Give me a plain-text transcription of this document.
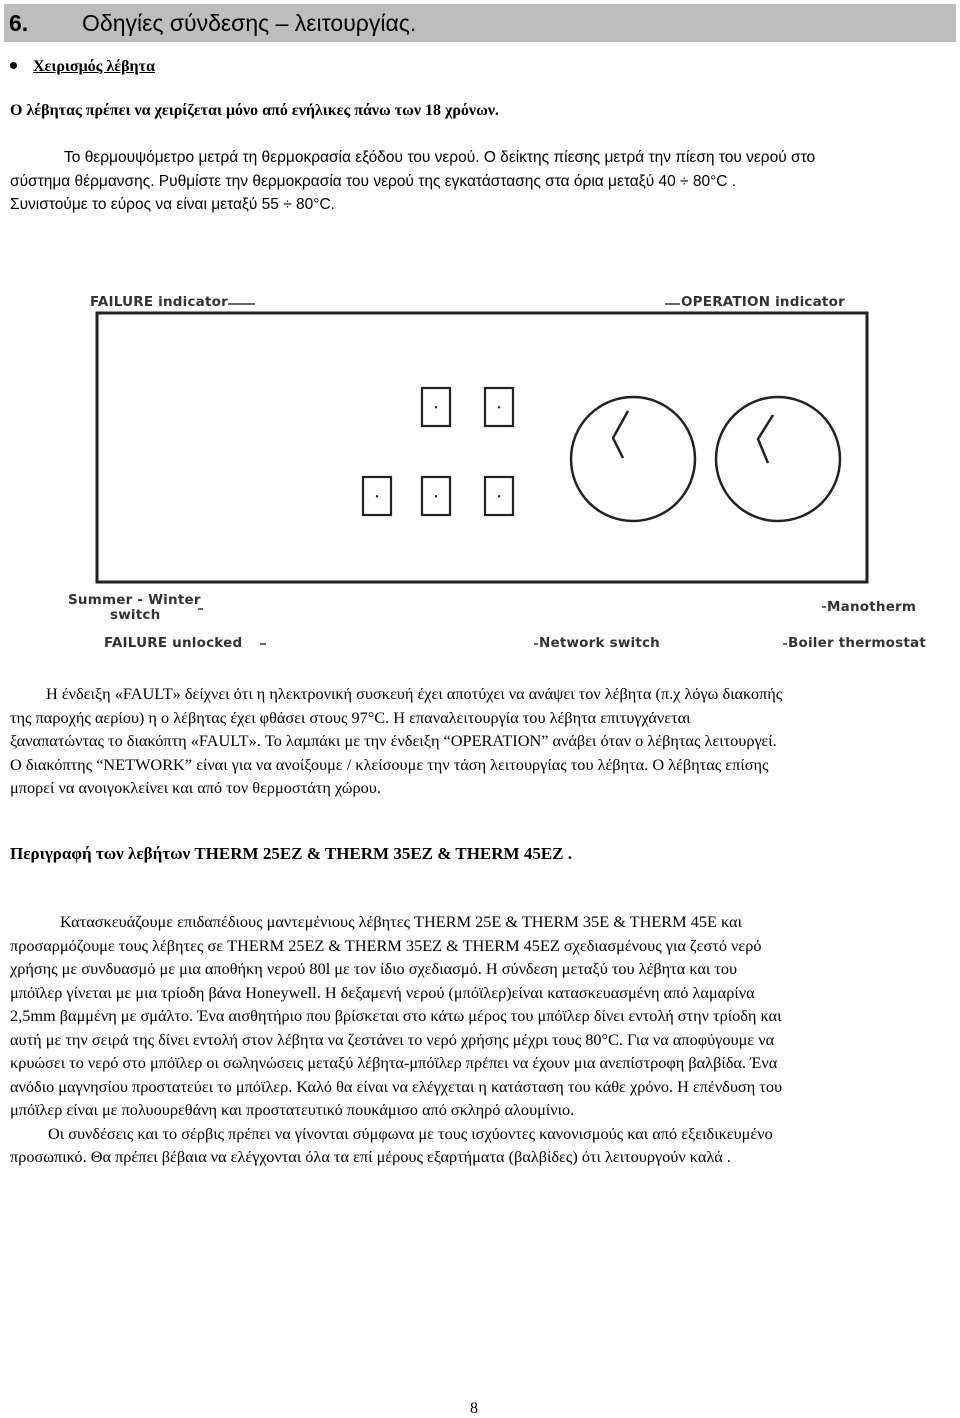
6. Οδηγίες σύνδεσης – λειτουργίας.
Χειρισμός λέβητα
Ο λέβητας πρέπει να χειρίζεται μόνο από ενήλικες πάνω των 18 χρόνων.
Το θερμουψόμετρο μετρά τη θερμοκρασία εξόδου του νερού. Ο δείκτης πίεσης μετρά την πίεση του νερού στο
σύστημα θέρμανσης. Ρυθμίστε την θερμοκρασία του νερού της εγκατάστασης στα όρια μεταξύ 40 ÷ 80°C .
Συνιστούμε το εύρος να είναι μεταξύ 55 ÷ 80°C.
•	•
•	•	•
FAILURE indicator	OPERATION indicator
Summer - Winter
switch
FAILURE unlocked	Network switch
Manotherm
Boiler thermostat
Η ένδειξη «FAULT» δείχνει ότι η ηλεκτρονική συσκευή έχει αποτύχει να ανάψει τον λέβητα (π.χ λόγω διακοπής
της παροχής αερίου) η ο λέβητας έχει φθάσει στους 97°C. Η επαναλειτουργία του λέβητα επιτυγχάνεται
ξαναπατώντας το διακόπτη «FAULT». Το λαμπάκι με την ένδειξη “OPERATION” ανάβει όταν ο λέβητας λειτουργεί.
Ο διακόπτης “NETWORK” είναι για να ανοίξουμε / κλείσουμε την τάση λειτουργίας του λέβητα. Ο λέβητας επίσης
μπορεί να ανοιγοκλείνει και από τον θερμοστάτη χώρου.
Περιγραφή των λεβήτων THERM 25EZ & THERM 35EZ & THERM 45EZ .
Κατασκευάζουμε επιδαπέδιους μαντεμένιους λέβητες THERM 25E & THERM 35E & THERM 45E και
προσαρμόζουμε τους λέβητες σε THERM 25EZ & THERM 35EZ & THERM 45EZ σχεδιασμένους για ζεστό νερό
χρήσης με συνδυασμό με μια αποθήκη νερού 80l με τον ίδιο σχεδιασμό. Η σύνδεση μεταξύ του λέβητα και του
μπόϊλερ γίνεται με μια τρίοδη βάνα Honeywell. Η δεξαμενή νερού (μπόϊλερ)είναι κατασκευασμένη από λαμαρίνα
2,5mm βαμμένη με σμάλτο. Ένα αισθητήριο που βρίσκεται στο κάτω μέρος του μπόϊλερ δίνει εντολή στην τρίοδη και
αυτή με την σειρά της δίνει εντολή στον λέβητα να ζεστάνει το νερό χρήσης μέχρι τους 80°C. Για να αποφύγουμε να
κρυώσει το νερό στο μπόϊλερ οι σωληνώσεις μεταξύ λέβητα-μπόϊλερ πρέπει να έχουν μια ανεπίστροφη βαλβίδα. Ένα
ανόδιο μαγνησίου προστατεύει το μπόϊλερ. Καλό θα είναι να ελέγχεται η κατάσταση του κάθε χρόνο. Η επένδυση του
μπόϊλερ είναι με πολυουρεθάνη και προστατευτικό πουκάμισο από σκληρό αλουμίνιο.
Οι συνδέσεις και το σέρβις πρέπει να γίνονται σύμφωνα με τους ισχύοντες κανονισμούς και από εξειδικευμένο
προσωπικό. Θα πρέπει βέβαια να ελέγχονται όλα τα επί μέρους εξαρτήματα (βαλβίδες) ότι λειτουργούν καλά .
8
